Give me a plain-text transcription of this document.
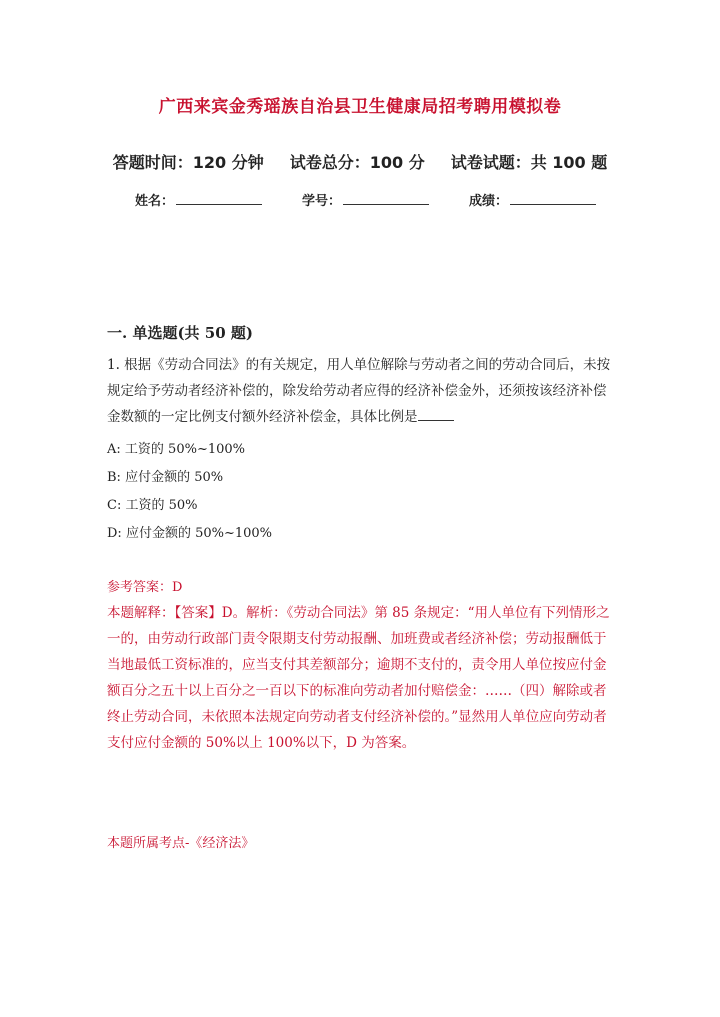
广西来宾金秀瑶族自治县卫生健康局招考聘用模拟卷
答题时间：120 分钟 试卷总分：100 分 试卷试题：共 100 题
姓名：	学号：	成绩：
一. 单选题(共 50 题)
1. 根据《劳动合同法》的有关规定，用人单位解除与劳动者之间的劳动合同后，未按规定给予劳动者经济补偿的，除发给劳动者应得的经济补偿金外，还须按该经济补偿金数额的一定比例支付额外经济补偿金，具体比例是
A: 工资的 50%~100%
B: 应付金额的 50%
C: 工资的 50%
D: 应付金额的 50%~100%
参考答案：D
本题解释：【答案】D。解析：《劳动合同法》第 85 条规定：“用人单位有下列情形之一的，由劳动行政部门责令限期支付劳动报酬、加班费或者经济补偿；劳动报酬低于当地最低工资标准的，应当支付其差额部分；逾期不支付的，责令用人单位按应付金额百分之五十以上百分之一百以下的标准向劳动者加付赔偿金：……（四）解除或者终止劳动合同，未依照本法规定向劳动者支付经济补偿的。”显然用人单位应向劳动者支付应付金额的 50%以上 100%以下，D 为答案。
本题所属考点-《经济法》
